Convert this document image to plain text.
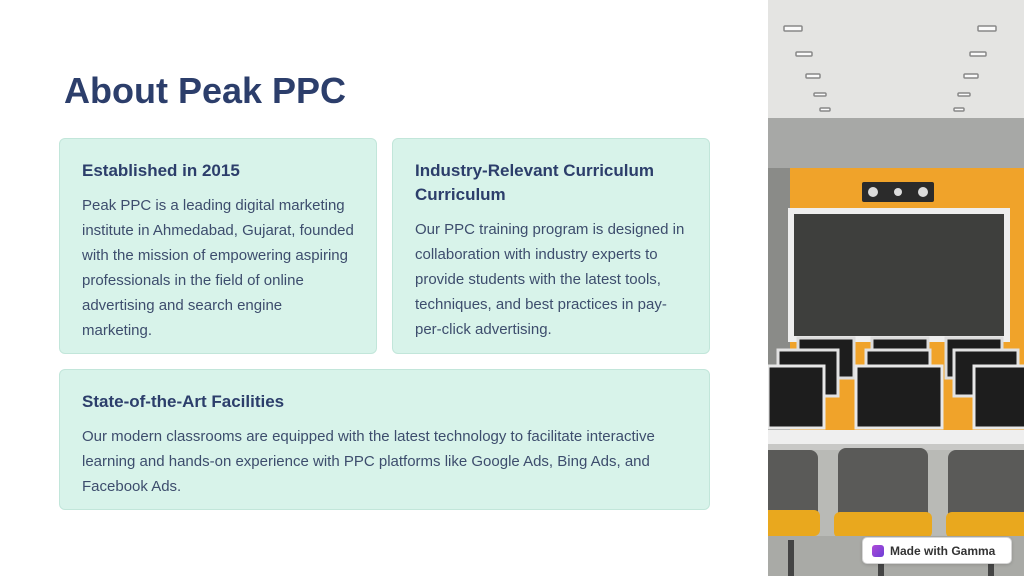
About Peak PPC
Established in 2015

Peak PPC is a leading digital marketing institute in Ahmedabad, Gujarat, founded with the mission of empowering aspiring professionals in the field of online advertising and search engine marketing.

Industry-Relevant Curriculum Curriculum

Our PPC training program is designed in collaboration with industry experts to provide students with the latest tools, techniques, and best practices in pay-per-click advertising.

State-of-the-Art Facilities

Our modern classrooms are equipped with the latest technology to facilitate interactive learning and hands-on experience with PPC platforms like Google Ads, Bing Ads, and Facebook Ads.

Made with Gamma
